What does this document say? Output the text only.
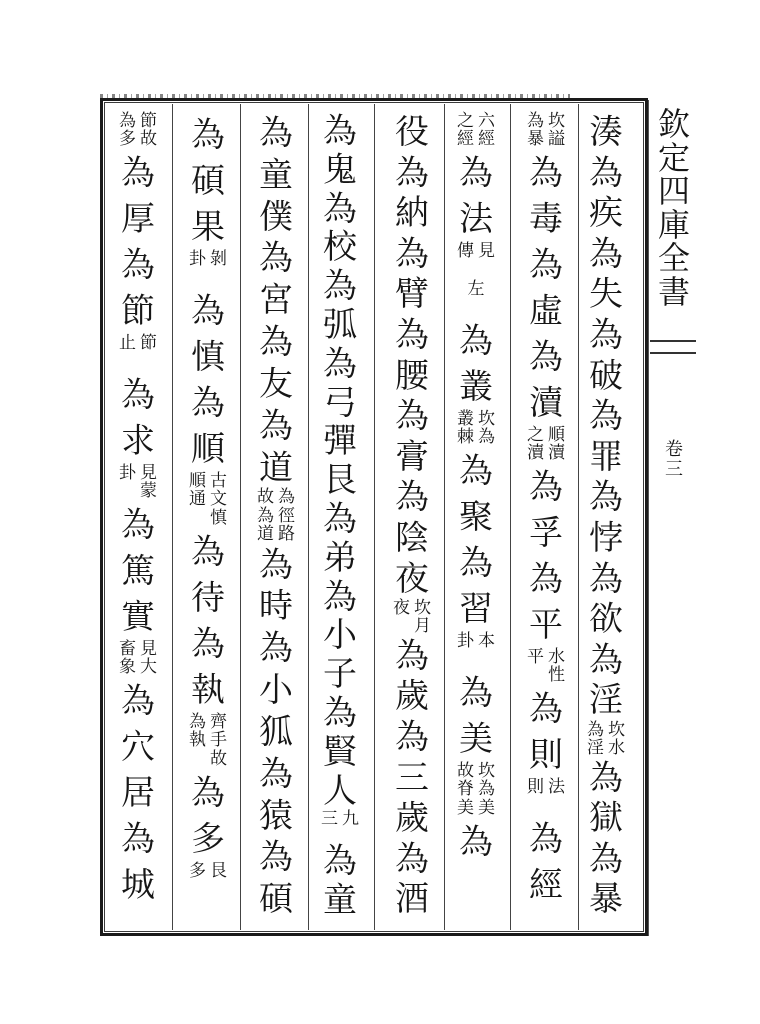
欽
定
四
庫
全
書
卷
三
湊
為
疾
為
失
為
破
為
罪
為
悖
為
欲
為
淫
坎
水
為
淫
為
獄
為
暴
坎
謚
為
暴
為
毒
為
虛
為
瀆
順
瀆
之
瀆
為
孚
為
平
水
性
平
為
則
法
則
為
經
六
經
之
經
為
法
見
傳
左
為
叢
坎
為
叢
棘
為
聚
為
習
本
卦
為
美
坎
為
美
故
脊
美
為
役
為
納
為
臂
為
腰
為
膏
為
陰
夜
坎
月
夜
為
歲
為
三
歲
為
酒
為
鬼
為
校
為
弧
為
弓
彈
艮
為
弟
為
小
子
為
賢
人
九
三
為
童
為
童
僕
為
宮
為
友
為
道
為
徑
路
故
為
道
為
時
為
小
狐
為
猿
為
碩
為
碩
果
剝
卦
為
慎
為
順
古
文
慎
順
通
為
待
為
執
齊
手
故
為
執
為
多
艮
多
節
故
為
多
為
厚
為
節
節
止
為
求
見
蒙
卦
為
篤
實
見
大
畜
象
為
穴
居
為
城
